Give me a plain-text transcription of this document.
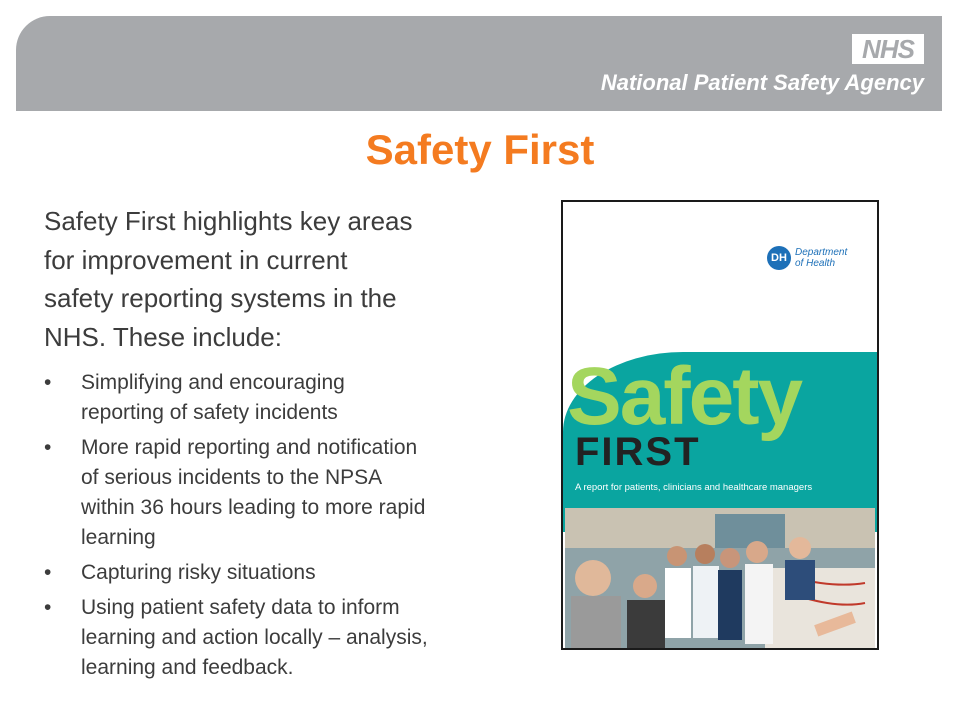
NHS
National Patient Safety Agency
Safety First
Safety First highlights key areas
for improvement in current
safety reporting systems in the
NHS. These include:
• Simplifying and encouraging
reporting of safety incidents
• More rapid reporting and notification
of serious incidents to the NPSA
within 36 hours leading to more rapid
learning
• Capturing risky situations
• Using patient safety data to inform
learning and action locally – analysis,
learning and feedback.
DH Department of Health
Safety
FIRST
A report for patients, clinicians and healthcare managers
